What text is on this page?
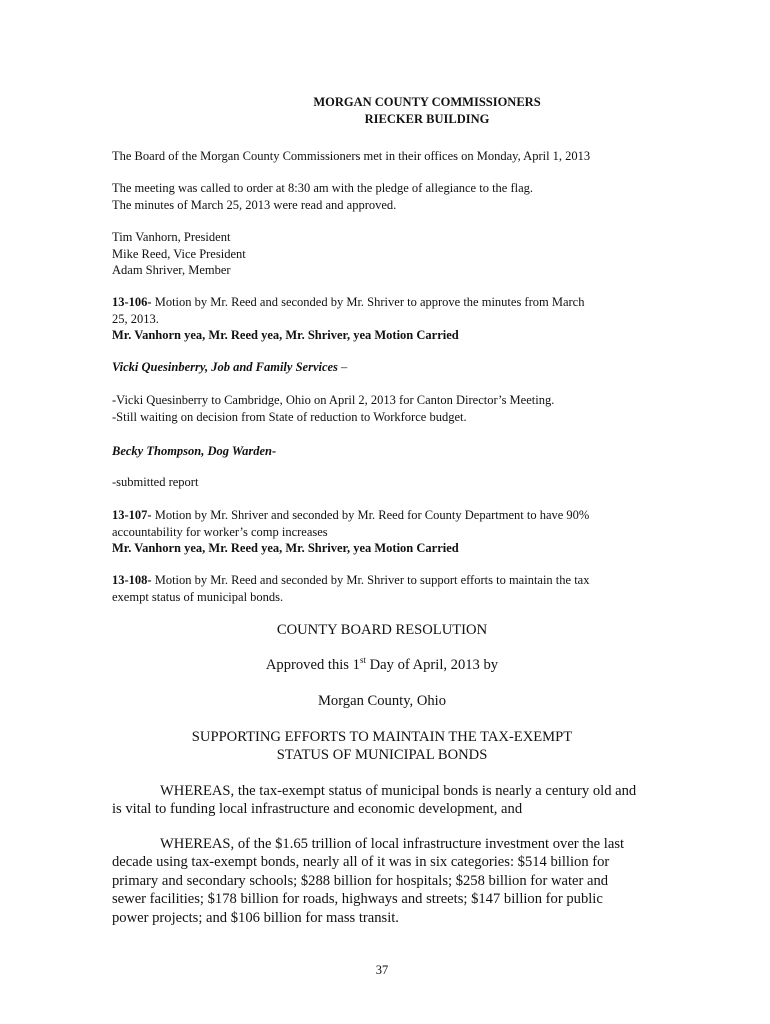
MORGAN COUNTY COMMISSIONERS
RIECKER BUILDING
The Board of the Morgan County Commissioners met in their offices on Monday, April 1, 2013
The meeting was called to order at 8:30 am with the pledge of allegiance to the flag.
The minutes of March 25, 2013 were read and approved.
Tim Vanhorn, President
Mike Reed, Vice President
Adam Shriver, Member
13-106- Motion by Mr. Reed and seconded by Mr. Shriver to approve the minutes from March
25, 2013.
Mr. Vanhorn yea, Mr. Reed yea, Mr. Shriver, yea Motion Carried
Vicki Quesinberry, Job and Family Services –
-Vicki Quesinberry to Cambridge, Ohio on April 2, 2013 for Canton Director’s Meeting.
-Still waiting on decision from State of reduction to Workforce budget.
Becky Thompson, Dog Warden-
-submitted report
13-107- Motion by Mr. Shriver and seconded by Mr. Reed for County Department to have 90%
accountability for worker’s comp increases
Mr. Vanhorn yea, Mr. Reed yea, Mr. Shriver, yea Motion Carried
13-108- Motion by Mr. Reed and seconded by Mr. Shriver to support efforts to maintain the tax
exempt status of municipal bonds.
COUNTY BOARD RESOLUTION
Approved this 1st Day of April, 2013 by
Morgan County, Ohio
SUPPORTING EFFORTS TO MAINTAIN THE TAX-EXEMPT
STATUS OF MUNICIPAL BONDS
WHEREAS, the tax-exempt status of municipal bonds is nearly a century old and
is vital to funding local infrastructure and economic development, and
WHEREAS, of the $1.65 trillion of local infrastructure investment over the last
decade using tax-exempt bonds, nearly all of it was in six categories: $514 billion for
primary and secondary schools; $288 billion for hospitals; $258 billion for water and
sewer facilities; $178 billion for roads, highways and streets; $147 billion for public
power projects; and $106 billion for mass transit.
37
